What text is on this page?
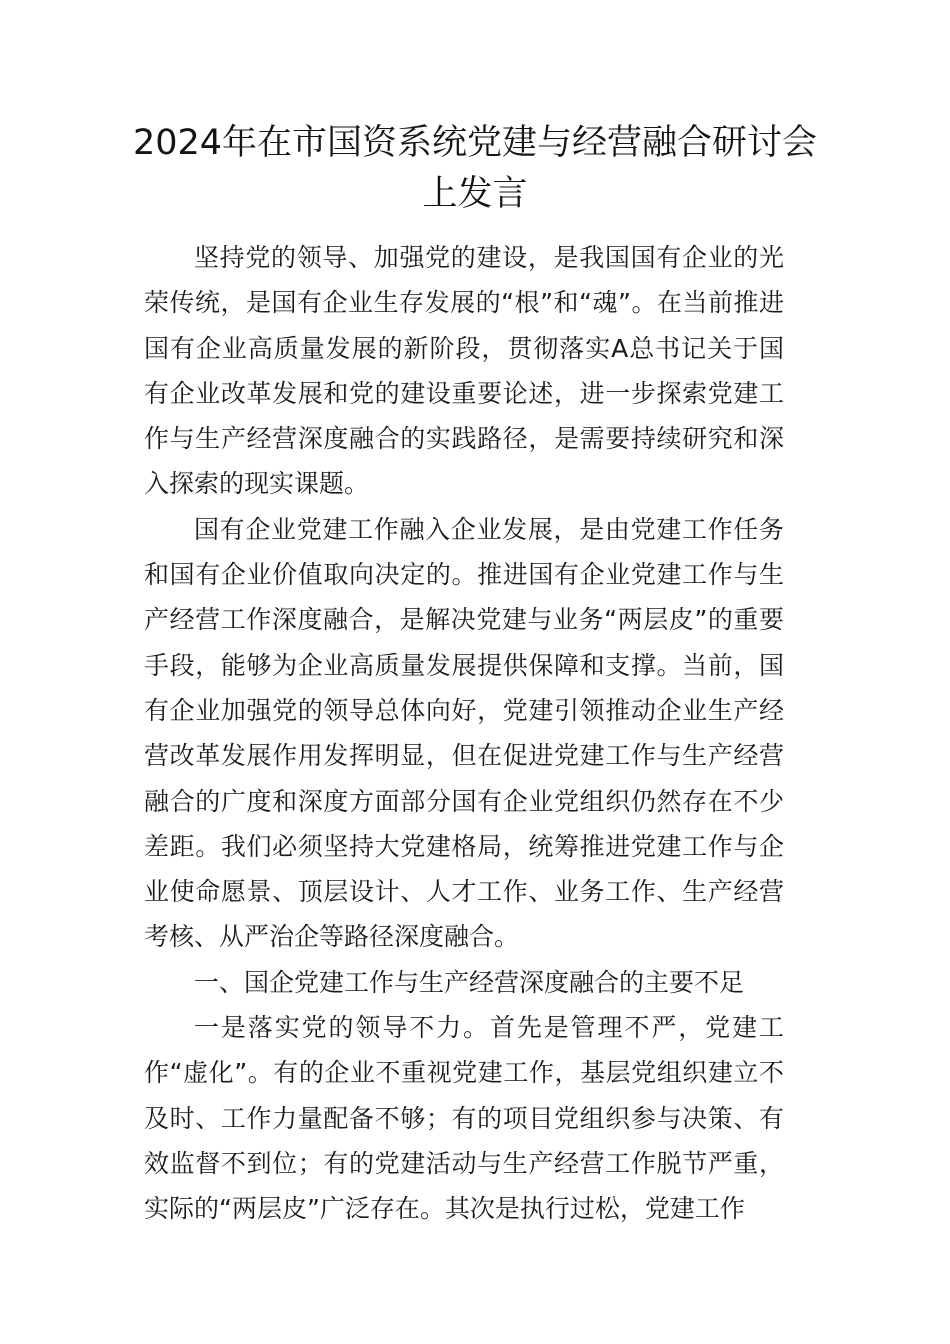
2024年在市国资系统党建与经营融合研讨会上发言

坚持党的领导、加强党的建设，是我国国有企业的光荣传统，是国有企业生存发展的“根”和“魂”。在当前推进国有企业高质量发展的新阶段，贯彻落实A总书记关于国有企业改革发展和党的建设重要论述，进一步探索党建工作与生产经营深度融合的实践路径，是需要持续研究和深入探索的现实课题。

国有企业党建工作融入企业发展，是由党建工作任务和国有企业价值取向决定的。推进国有企业党建工作与生产经营工作深度融合，是解决党建与业务“两层皮”的重要手段，能够为企业高质量发展提供保障和支撑。当前，国有企业加强党的领导总体向好，党建引领推动企业生产经营改革发展作用发挥明显，但在促进党建工作与生产经营融合的广度和深度方面部分国有企业党组织仍然存在不少差距。我们必须坚持大党建格局，统筹推进党建工作与企业使命愿景、顶层设计、人才工作、业务工作、生产经营考核、从严治企等路径深度融合。

一、国企党建工作与生产经营深度融合的主要不足

一是落实党的领导不力。首先是管理不严，党建工作“虚化”。有的企业不重视党建工作，基层党组织建立不及时、工作力量配备不够；有的项目党组织参与决策、有效监督不到位；有的党建活动与生产经营工作脱节严重，实际的“两层皮”广泛存在。其次是执行过松，党建工作
